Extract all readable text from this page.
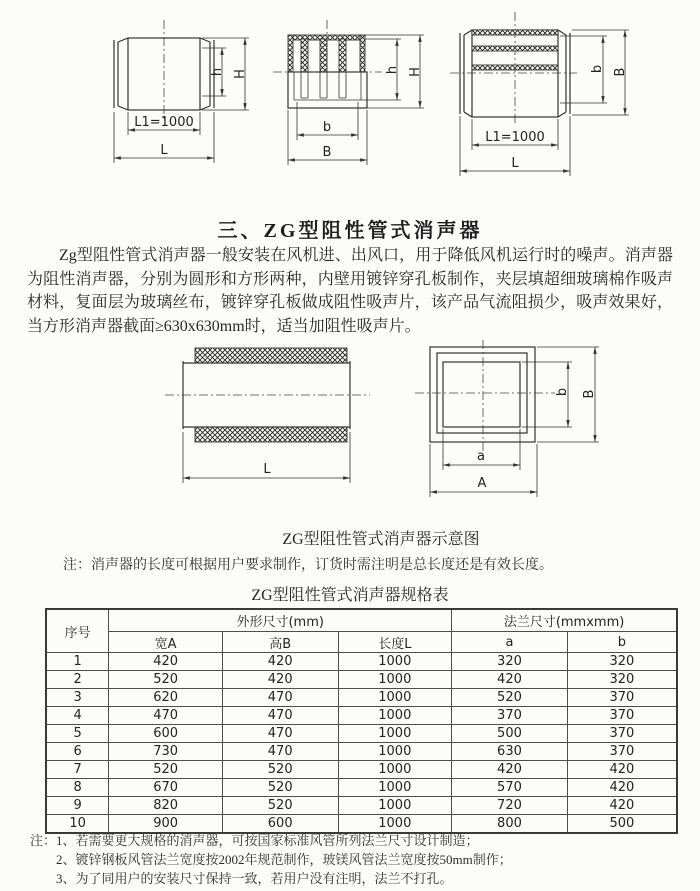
h H
L1=1000
L
h H
b
B
b B
L1=1000
L
三、ZG型阻性管式消声器

Zg型阻性管式消声器一般安装在风机进、出风口，用于降低风机运行时的噪声。消声器为阻性消声器，分别为圆形和方形两种，内壁用镀锌穿孔板制作，夹层填超细玻璃棉作吸声材料，复面层为玻璃丝布，镀锌穿孔板做成阻性吸声片，该产品气流阻损少，吸声效果好，当方形消声器截面≥630x630mm时，适当加阻性吸声片。

L
b B
a
A
ZG型阻性管式消声器示意图
注：消声器的长度可根据用户要求制作，订货时需注明是总长度还是有效长度。
ZG型阻性管式消声器规格表
序号	外形尺寸(mm)			法兰尺寸(mmxmm)	
	宽A	高B	长度L	a	b
1	420	420	1000	320	320
2	520	420	1000	420	320
3	620	470	1000	520	370
4	470	470	1000	370	370
5	600	470	1000	500	370
6	730	470	1000	630	370
7	520	520	1000	420	420
8	670	520	1000	570	420
9	820	520	1000	720	420
10	900	600	1000	800	500
注：1、若需要更大规格的消声器，可按国家标准风管所列法兰尺寸设计制造；
2、镀锌钢板风管法兰宽度按2002年规范制作，玻镁风管法兰宽度按50mm制作；
3、为了同用户的安装尺寸保持一致，若用户没有注明，法兰不打孔。
